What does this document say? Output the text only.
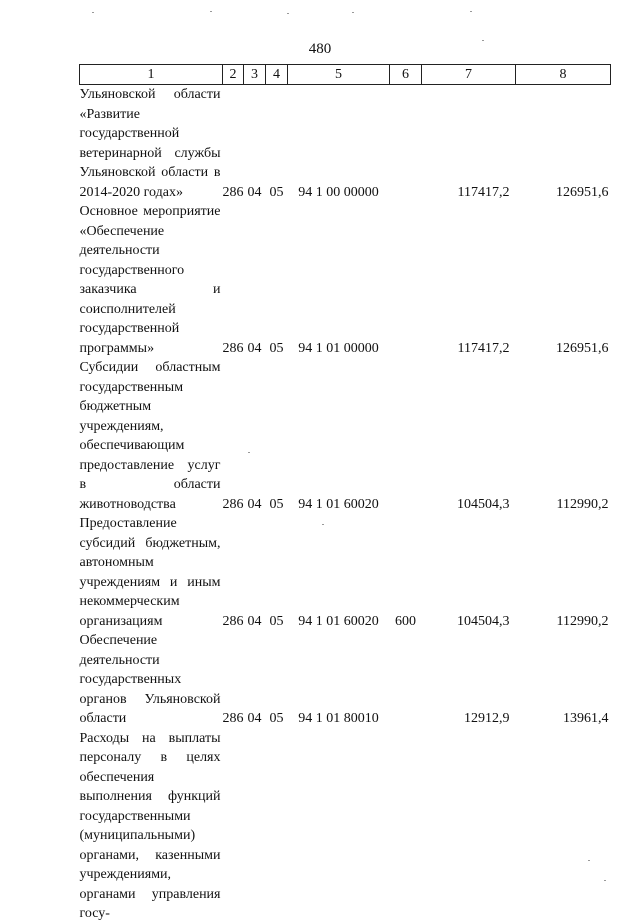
480
1	2	3	4	5	6	7	8
Ульяновской области «Развитие государственной ветеринарной службы Ульяновской области в 2014-2020 годах»	286	04	05	94 1 00 00000		117417,2	126951,6
Основное мероприятие «Обеспечение деятельности государственного заказчика и соисполнителей государственной программы»	286	04	05	94 1 01 00000		117417,2	126951,6
Субсидии областным государственным бюджетным учреждениям, обеспечивающим предоставление услуг в области животноводства	286	04	05	94 1 01 60020		104504,3	112990,2
Предоставление субсидий бюджетным, автономным учреждениям и иным некоммерческим организациям	286	04	05	94 1 01 60020	600	104504,3	112990,2
Обеспечение деятельности государственных органов Ульяновской области	286	04	05	94 1 01 80010		12912,9	13961,4
Расходы на выплаты персоналу в целях обеспечения выполнения функций государственными (муниципальными) органами, казенными учреждениями, органами управления госу-							
